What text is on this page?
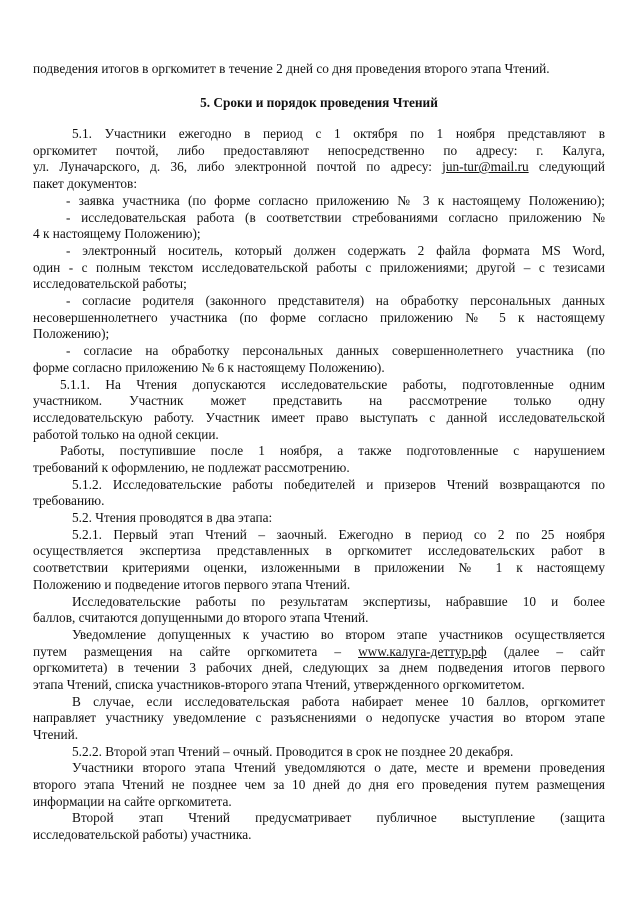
подведения итогов в оргкомитет в течение 2 дней со дня проведения второго этапа Чтений.
5. Сроки и порядок проведения Чтений
5.1. Участники ежегодно в период с 1 октября по 1 ноября представляют в
оргкомитет почтой, либо предоставляют непосредственно по адресу: г. Калуга,
ул. Луначарского, д. 36, либо электронной почтой по адресу: jun-tur@mail.ru следующий
пакет документов:
- заявка участника (по форме согласно приложению № 3 к настоящему Положению);
- исследовательская работа (в соответствии стребованиями согласно приложению №
4 к настоящему Положению);
- электронный носитель, который должен содержать 2 файла формата MS Word,
один - с полным текстом исследовательской работы с приложениями; другой – с тезисами
исследовательской работы;
- согласие родителя (законного представителя) на обработку персональных данных
несовершеннолетнего участника (по форме согласно приложению № 5 к настоящему
Положению);
- согласие на обработку персональных данных совершеннолетнего участника (по
форме согласно приложению № 6 к настоящему Положению).
5.1.1. На Чтения допускаются исследовательские работы, подготовленные одним
участником. Участник может представить на рассмотрение только одну
исследовательскую работу. Участник имеет право выступать с данной исследовательской
работой только на одной секции.
Работы, поступившие после 1 ноября, а также подготовленные с нарушением
требований к оформлению, не подлежат рассмотрению.
5.1.2. Исследовательские работы победителей и призеров Чтений возвращаются по
требованию.
5.2. Чтения проводятся в два этапа:
5.2.1. Первый этап Чтений – заочный. Ежегодно в период со 2 по 25 ноября
осуществляется экспертиза представленных в оргкомитет исследовательских работ в
соответствии критериями оценки, изложенными в приложении № 1 к настоящему
Положению и подведение итогов первого этапа Чтений.
Исследовательские работы по результатам экспертизы, набравшие 10 и более
баллов, считаются допущенными до второго этапа Чтений.
Уведомление допущенных к участию во втором этапе участников осуществляется
путем размещения на сайте оргкомитета – www.калуга-деттур.рф (далее – сайт
оргкомитета) в течении 3 рабочих дней, следующих за днем подведения итогов первого
этапа Чтений, списка участников-второго этапа Чтений, утвержденного оргкомитетом.
В случае, если исследовательская работа набирает менее 10 баллов, оргкомитет
направляет участнику уведомление с разъяснениями о недопуске участия во втором этапе
Чтений.
5.2.2. Второй этап Чтений – очный. Проводится в срок не позднее 20 декабря.
Участники второго этапа Чтений уведомляются о дате, месте и времени проведения
второго этапа Чтений не позднее чем за 10 дней до дня его проведения путем размещения
информации на сайте оргкомитета.
Второй этап Чтений предусматривает публичное выступление (защита
исследовательской работы) участника.
